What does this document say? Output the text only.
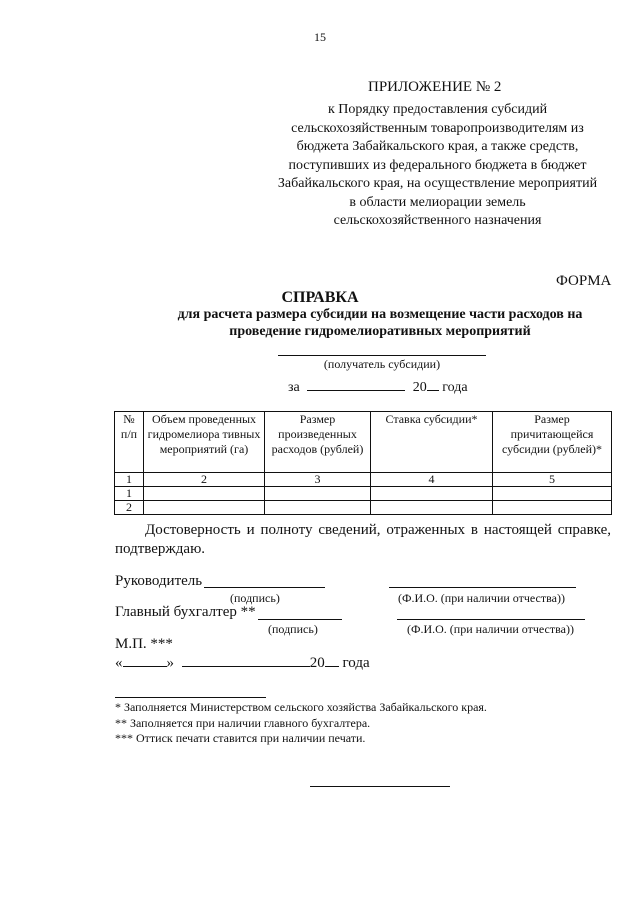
15
ПРИЛОЖЕНИЕ № 2
к Порядку предоставления субсидий
сельскохозяйственным товаропроизводителям из
бюджета Забайкальского края, а также средств,
поступивших из федерального бюджета в бюджет
Забайкальского края, на осуществление мероприятий
в области мелиорации земель
сельскохозяйственного назначения
ФОРМА
СПРАВКА
для расчета размера субсидии на возмещение части расходов на
проведение гидромелиоративных мероприятий
(получатель субсидии)
за	20 года
№ п/п	Объем проведенных гидромелиора тивных мероприятий (га)	Размер произведенных расходов (рублей)	Ставка субсидии*	Размер причитающейся субсидии (рублей)*
1	2	3	4	5
1				
2				
Достоверность и полноту сведений, отраженных в настоящей справке, подтверждаю.
Руководитель
(подпись)	(Ф.И.О. (при наличии отчества))
Главный бухгалтер **
(подпись)	(Ф.И.О. (при наличии отчества))
М.П. ***
«	»	20 года
* Заполняется Министерством сельского хозяйства Забайкальского края.
** Заполняется при наличии главного бухгалтера.
*** Оттиск печати ставится при наличии печати.
